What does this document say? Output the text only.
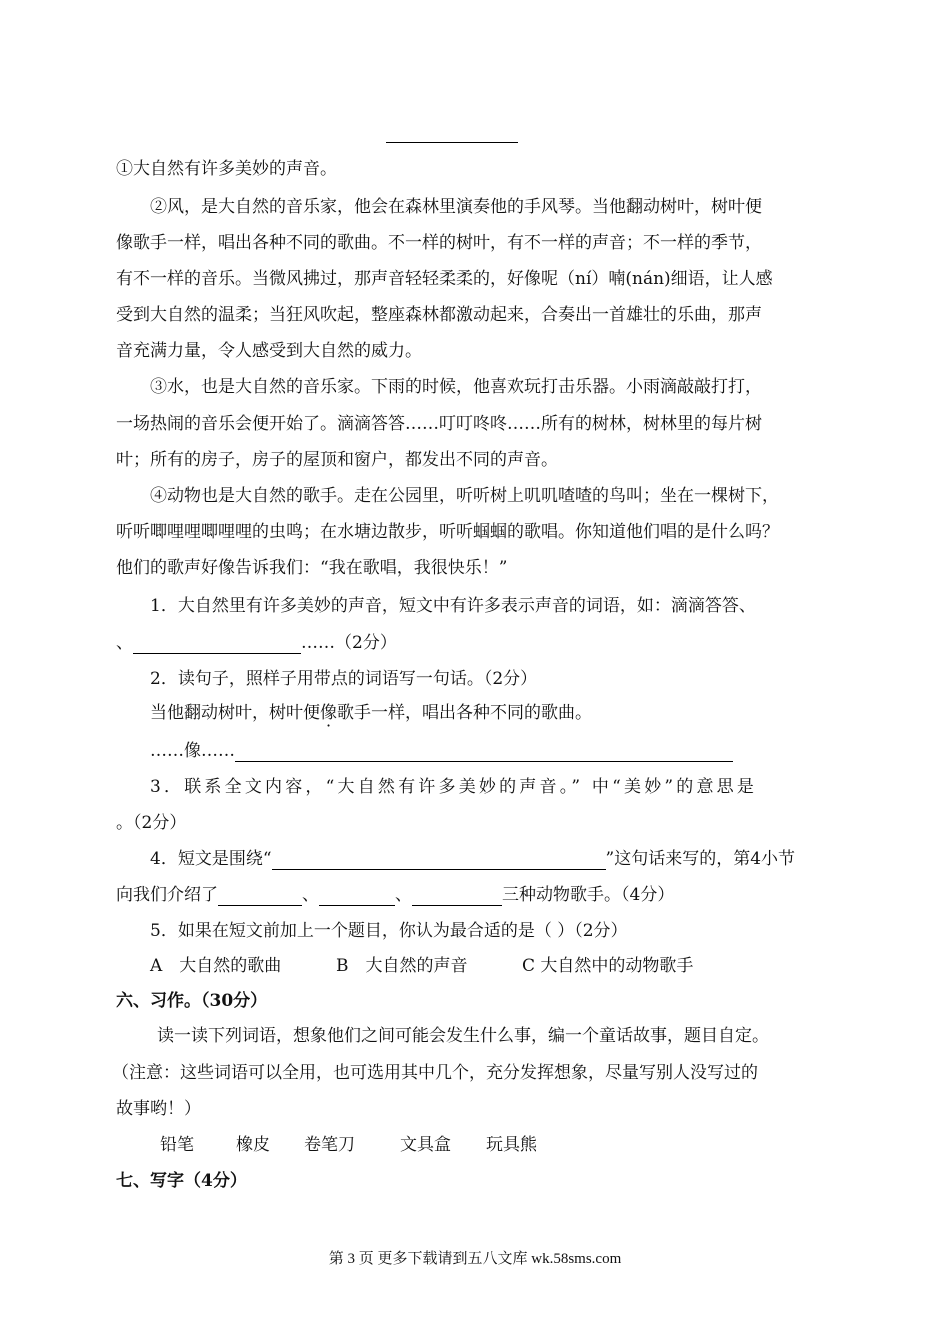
①大自然有许多美妙的声音。
②风，是大自然的音乐家，他会在森林里演奏他的手风琴。当他翻动树叶，树叶便
像歌手一样，唱出各种不同的歌曲。不一样的树叶，有不一样的声音；不一样的季节，
有不一样的音乐。当微风拂过，那声音轻轻柔柔的，好像呢（ní）喃(nán)细语，让人感
受到大自然的温柔；当狂风吹起，整座森林都激动起来，合奏出一首雄壮的乐曲，那声
音充满力量，令人感受到大自然的威力。
③水，也是大自然的音乐家。下雨的时候，他喜欢玩打击乐器。小雨滴敲敲打打，
一场热闹的音乐会便开始了。滴滴答答……叮叮咚咚……所有的树林，树林里的每片树
叶；所有的房子，房子的屋顶和窗户，都发出不同的声音。
④动物也是大自然的歌手。走在公园里，听听树上叽叽喳喳的鸟叫；坐在一棵树下，
听听唧哩哩唧哩哩的虫鸣；在水塘边散步，听听蝈蝈的歌唱。你知道他们唱的是什么吗？
他们的歌声好像告诉我们：“我在歌唱，我很快乐！”
1．大自然里有许多美妙的声音，短文中有许多表示声音的词语，如：滴滴答答、
、	……（2分）
2．读句子，照样子用带点的词语写一句话。（2分）
当他翻动树叶，树叶便像歌手一样，唱出各种不同的歌曲。
……像……
3．联系全文内容，“大自然有许多美妙的声音。” 中“美妙”的意思是
。（2分）
4．短文是围绕“	”这句话来写的，第4小节
向我们介绍了	、	、	三种动物歌手。（4分）
5．如果在短文前加上一个题目，你认为最合适的是（ ）（2分）
A　大自然的歌曲	B　大自然的声音	C 大自然中的动物歌手
六、习作。（30分）
读一读下列词语，想象他们之间可能会发生什么事，编一个童话故事，题目自定。
（注意：这些词语可以全用，也可选用其中几个，充分发挥想象，尽量写别人没写过的
故事哟！）
铅笔 橡皮 卷笔刀	文具盒 玩具熊
七、写字（4分）
第 3 页 更多下载请到五八文库 wk.58sms.com
